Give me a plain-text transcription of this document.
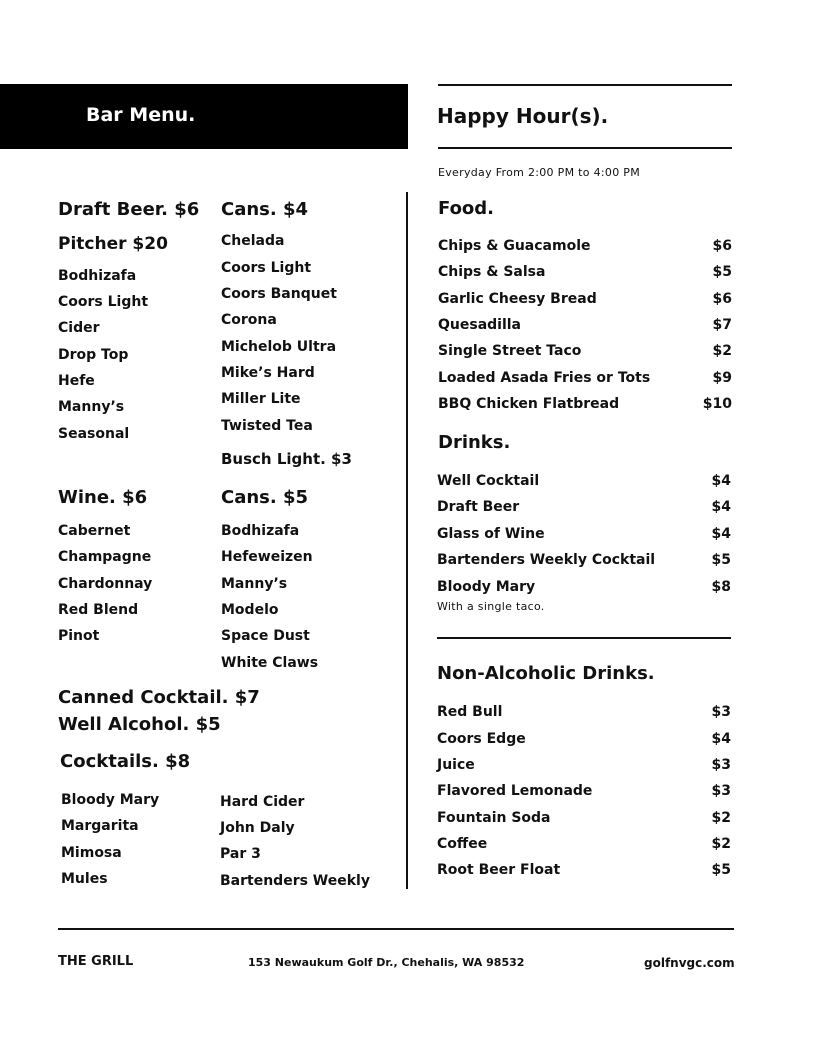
Bar Menu.	Happy Hour(s).
Everyday From 2:00 PM to 4:00 PM
Draft Beer. $6
Pitcher $20
Bodhizafa
Coors Light
Cider
Drop Top
Hefe
Manny’s
Seasonal
Cans. $4
Chelada
Coors Light
Coors Banquet
Corona
Michelob Ultra
Mike’s Hard
Miller Lite
Twisted Tea
Busch Light. $3
Wine. $6
Cabernet
Champagne
Chardonnay
Red Blend
Pinot
Cans. $5
Bodhizafa
Hefeweizen
Manny’s
Modelo
Space Dust
White Claws
Canned Cocktail. $7
Well Alcohol. $5
Cocktails. $8
Bloody Mary
Margarita
Mimosa
Mules
Hard Cider
John Daly
Par 3
Bartenders Weekly
Food.
Chips & Guacamole	$6
Chips & Salsa	$5
Garlic Cheesy Bread	$6
Quesadilla	$7
Single Street Taco	$2
Loaded Asada Fries or Tots	$9
BBQ Chicken Flatbread	$10
Drinks.
Well Cocktail	$4
Draft Beer	$4
Glass of Wine	$4
Bartenders Weekly Cocktail	$5
Bloody Mary	$8
With a single taco.
Non-Alcoholic Drinks.
Red Bull	$3
Coors Edge	$4
Juice	$3
Flavored Lemonade	$3
Fountain Soda	$2
Coffee	$2
Root Beer Float	$5
THE GRILL	153 Newaukum Golf Dr., Chehalis, WA 98532	golfnvgc.com
